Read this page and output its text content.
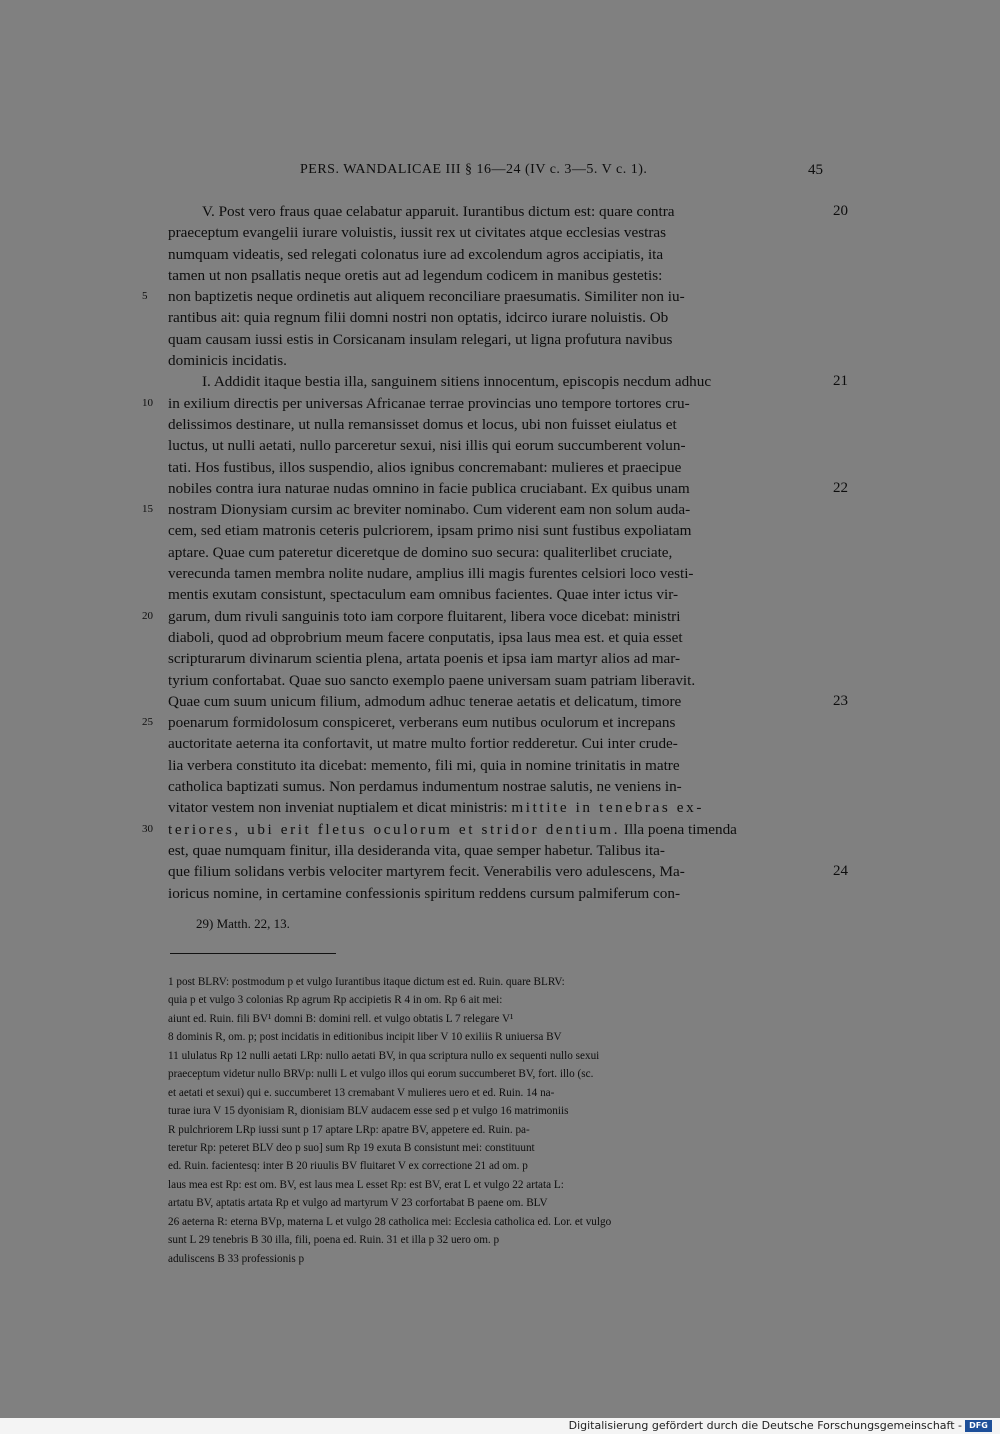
PERS. WANDALICAE III § 16—24 (IV c. 3—5. V c. 1).	45
V. Post vero fraus quae celabatur apparuit. Iurantibus dictum est: quare contra	20
praeceptum evangelii iurare voluistis, iussit rex ut civitates atque ecclesias vestras
numquam videatis, sed relegati colonatus iure ad excolendum agros accipiatis, ita
tamen ut non psallatis neque oretis aut ad legendum codicem in manibus gestetis:
5 non baptizetis neque ordinetis aut aliquem reconciliare praesumatis. Similiter non iu-
rantibus ait: quia regnum filii domni nostri non optatis, idcirco iurare noluistis. Ob
quam causam iussi estis in Corsicanam insulam relegari, ut ligna profutura navibus
dominicis incidatis.
I. Addidit itaque bestia illa, sanguinem sitiens innocentum, episcopis necdum adhuc	21
10 in exilium directis per universas Africanae terrae provincias uno tempore tortores cru-
delissimos destinare, ut nulla remansisset domus et locus, ubi non fuisset eiulatus et
luctus, ut nulli aetati, nullo parceretur sexui, nisi illis qui eorum succumberent volun-
tati. Hos fustibus, illos suspendio, alios ignibus concremabant: mulieres et praecipue
nobiles contra iura naturae nudas omnino in facie publica cruciabant. Ex quibus unam	22
15 nostram Dionysiam cursim ac breviter nominabo. Cum viderent eam non solum auda-
cem, sed etiam matronis ceteris pulcriorem, ipsam primo nisi sunt fustibus expoliatam
aptare. Quae cum pateretur diceretque de domino suo secura: qualiterlibet cruciate,
verecunda tamen membra nolite nudare, amplius illi magis furentes celsiori loco vesti-
mentis exutam consistunt, spectaculum eam omnibus facientes. Quae inter ictus vir-
20 garum, dum rivuli sanguinis toto iam corpore fluitarent, libera voce dicebat: ministri
diaboli, quod ad obprobrium meum facere conputatis, ipsa laus mea est. et quia esset
scripturarum divinarum scientia plena, artata poenis et ipsa iam martyr alios ad mar-
tyrium confortabat. Quae suo sancto exemplo paene universam suam patriam liberavit.
Quae cum suum unicum filium, admodum adhuc tenerae aetatis et delicatum, timore	23
25 poenarum formidolosum conspiceret, verberans eum nutibus oculorum et increpans
auctoritate aeterna ita confortavit, ut matre multo fortior redderetur. Cui inter crude-
lia verbera constituto ita dicebat: memento, fili mi, quia in nomine trinitatis in matre
catholica baptizati sumus. Non perdamus indumentum nostrae salutis, ne veniens in-
vitator vestem non inveniat nuptialem et dicat ministris: mittite in tenebras ex-
30 teriores, ubi erit fletus oculorum et stridor dentium. Illa poena timenda
est, quae numquam finitur, illa desideranda vita, quae semper habetur. Talibus ita-
que filium solidans verbis velociter martyrem fecit. Venerabilis vero adulescens, Ma-	24
ioricus nomine, in certamine confessionis spiritum reddens cursum palmiferum con-
29) Matth. 22, 13.
1 post BLRV: postmodum p et vulgo Iurantibus itaque dictum est ed. Ruin. quare BLRV:
quia p et vulgo 3 colonias Rp agrum Rp accipietis R 4 in om. Rp 6 ait mei:
aiunt ed. Ruin. fili BV¹ domni B: domini rell. et vulgo obtatis L 7 relegare V¹
8 dominis R, om. p; post incidatis in editionibus incipit liber V 10 exiliis R uniuersa BV
11 ululatus Rp 12 nulli aetati LRp: nullo aetati BV, in qua scriptura nullo ex sequenti nullo sexui
praeceptum videtur nullo BRVp: nulli L et vulgo illos qui eorum succumberet BV, fort. illo (sc.
et aetati et sexui) qui e. succumberet 13 cremabant V mulieres uero et ed. Ruin. 14 na-
turae iura V 15 dyonisiam R, dionisiam BLV audacem esse sed p et vulgo 16 matrimoniis
R pulchriorem LRp iussi sunt p 17 aptare LRp: apatre BV, appetere ed. Ruin. pa-
teretur Rp: peteret BLV deo p suo] sum Rp 19 exuta B consistunt mei: constituunt
ed. Ruin. facientesq: inter B 20 riuulis BV fluitaret V ex correctione 21 ad om. p
laus mea est Rp: est om. BV, est laus mea L esset Rp: est BV, erat L et vulgo 22 artata L:
artatu BV, aptatis artata Rp et vulgo ad martyrum V 23 corfortabat B paene om. BLV
26 aeterna R: eterna BVp, materna L et vulgo 28 catholica mei: Ecclesia catholica ed. Lor. et vulgo
sunt L 29 tenebris B 30 illa, fili, poena ed. Ruin. 31 et illa p 32 uero om. p
aduliscens B 33 professionis p
Digitalisierung gefördert durch die Deutsche Forschungsgemeinschaft - DFG
